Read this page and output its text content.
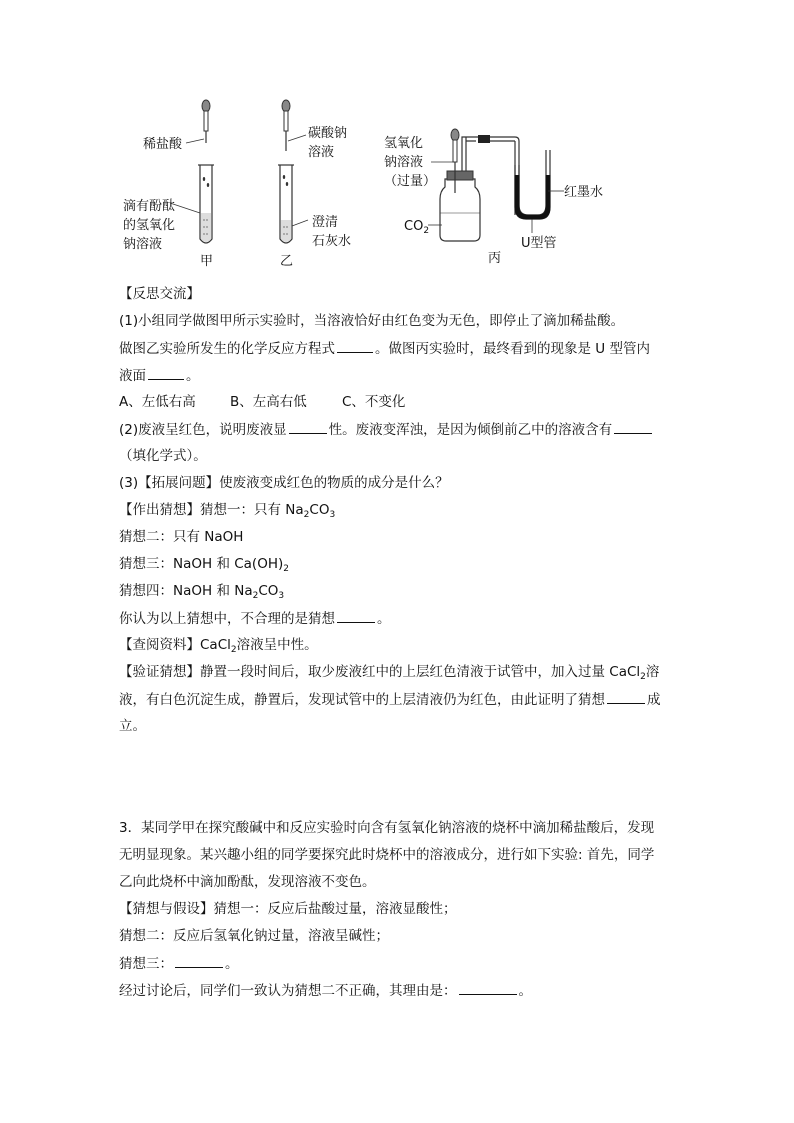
稀盐酸
滴有酚酞
的氢氧化
钠溶液
甲
碳酸钠
溶液
澄清
石灰水
乙
氢氧化
钠溶液
（过量）
$CO_2$
红墨水
U型管
丙
【反思交流】
(1)小组同学做图甲所示实验时，当溶液恰好由红色变为无色，即停止了滴加稀盐酸。
做图乙实验所发生的化学反应方程式	。做图丙实验时，最终看到的现象是 U 型管内
液面	。
A、左低右高	B、左高右低	C、不变化
(2)废液呈红色，说明废液显	性。废液变浑浊，是因为倾倒前乙中的溶液含有
（填化学式）。
(3)【拓展问题】使废液变成红色的物质的成分是什么？
【作出猜想】猜想一：只有 $Na_2CO_3$
猜想二：只有 NaOH
猜想三：NaOH 和 $Ca(OH)_2$
猜想四：NaOH 和 $Na_2CO_3$
你认为以上猜想中，不合理的是猜想	。
【查阅资料】CaCl$_2$溶液呈中性。
【验证猜想】静置一段时间后，取少废液红中的上层红色清液于试管中，加入过量 CaCl$_2$溶
液，有白色沉淀生成，静置后，发现试管中的上层清液仍为红色，由此证明了猜想	成
立。
3．某同学甲在探究酸碱中和反应实验时向含有氢氧化钠溶液的烧杯中滴加稀盐酸后，发现
无明显现象。某兴趣小组的同学要探究此时烧杯中的溶液成分，进行如下实验: 首先，同学
乙向此烧杯中滴加酚酞，发现溶液不变色。
【猜想与假设】猜想一：反应后盐酸过量，溶液显酸性；
猜想二：反应后氢氧化钠过量，溶液呈碱性；
猜想三：	。
经过讨论后，同学们一致认为猜想二不正确，其理由是：	。
